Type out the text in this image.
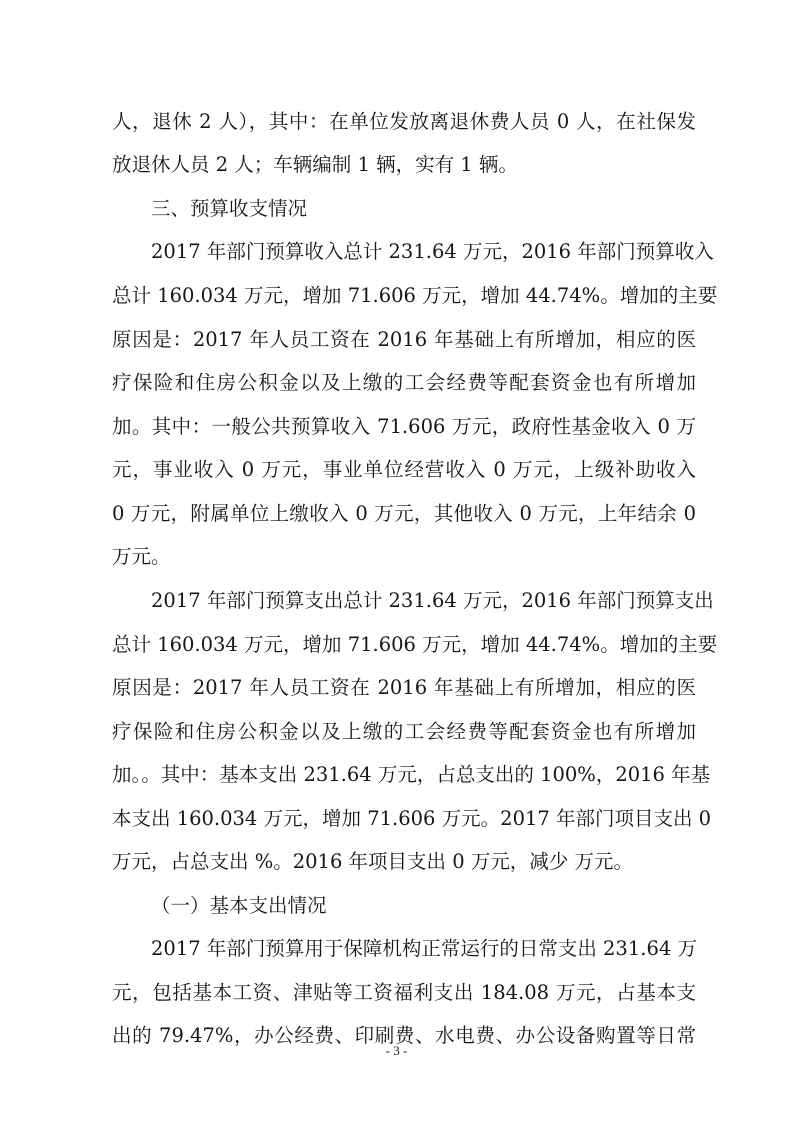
人，退休 2 人），其中：在单位发放离退休费人员 0 人，在社保发
放退休人员 2 人；车辆编制 1 辆，实有 1 辆。
三、预算收支情况
2017 年部门预算收入总计 231.64 万元，2016 年部门预算收入
总计 160.034 万元，增加 71.606 万元，增加 44.74%。增加的主要
原因是：2017 年人员工资在 2016 年基础上有所增加，相应的医
疗保险和住房公积金以及上缴的工会经费等配套资金也有所增加
加。其中：一般公共预算收入 71.606 万元，政府性基金收入 0 万
元，事业收入 0 万元，事业单位经营收入 0 万元，上级补助收入
0 万元，附属单位上缴收入 0 万元，其他收入 0 万元，上年结余 0
万元。
2017 年部门预算支出总计 231.64 万元，2016 年部门预算支出
总计 160.034 万元，增加 71.606 万元，增加 44.74%。增加的主要
原因是：2017 年人员工资在 2016 年基础上有所增加，相应的医
疗保险和住房公积金以及上缴的工会经费等配套资金也有所增加
加。。其中：基本支出 231.64 万元，占总支出的 100%，2016 年基
本支出 160.034 万元，增加 71.606 万元。2017 年部门项目支出 0
万元，占总支出 %。2016 年项目支出 0 万元，减少 万元。
（一）基本支出情况
2017 年部门预算用于保障机构正常运行的日常支出 231.64 万
元，包括基本工资、津贴等工资福利支出 184.08 万元，占基本支
出的 79.47%，办公经费、印刷费、水电费、办公设备购置等日常
- 3 -
